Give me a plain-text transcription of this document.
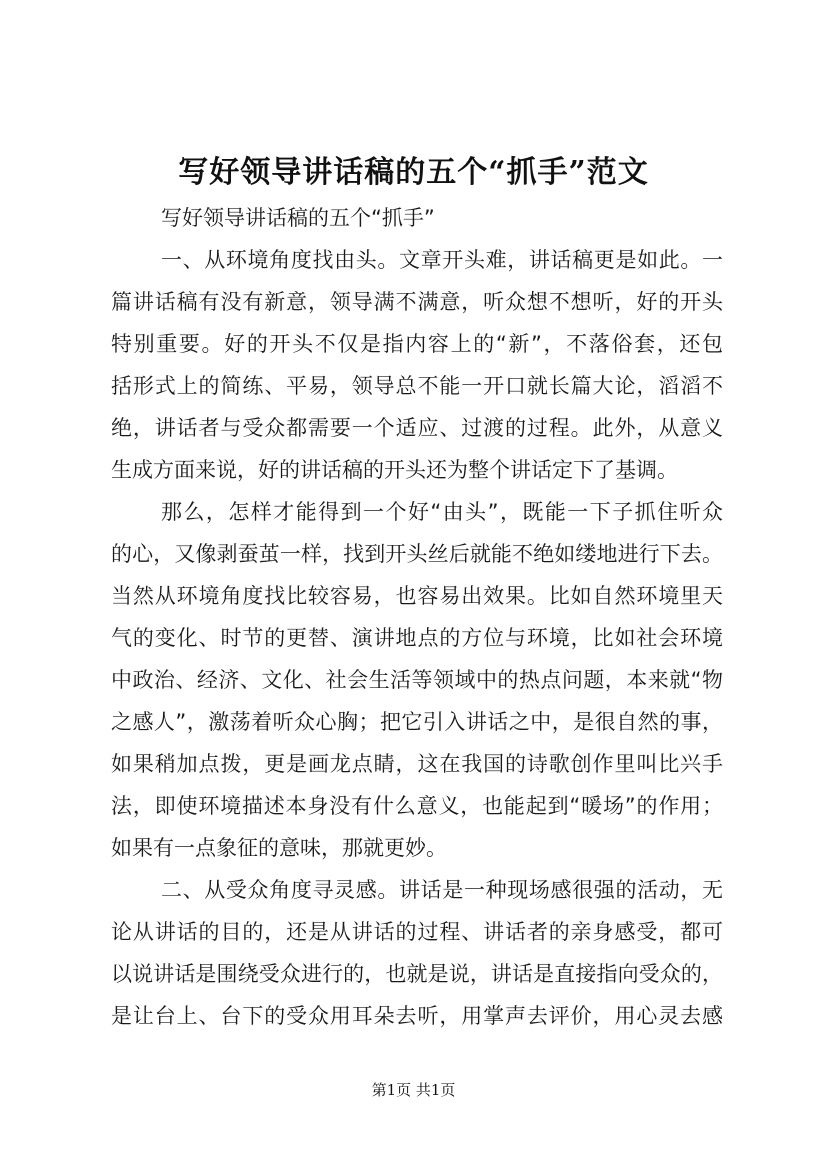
写好领导讲话稿的五个“抓手”范文
写好领导讲话稿的五个“抓手”
一、从环境角度找由头。文章开头难，讲话稿更是如此。一
篇讲话稿有没有新意，领导满不满意，听众想不想听，好的开头
特别重要。好的开头不仅是指内容上的“新”，不落俗套，还包
括形式上的简练、平易，领导总不能一开口就长篇大论，滔滔不
绝，讲话者与受众都需要一个适应、过渡的过程。此外，从意义
生成方面来说，好的讲话稿的开头还为整个讲话定下了基调。
那么，怎样才能得到一个好“由头”，既能一下子抓住听众
的心，又像剥蚕茧一样，找到开头丝后就能不绝如缕地进行下去。
当然从环境角度找比较容易，也容易出效果。比如自然环境里天
气的变化、时节的更替、演讲地点的方位与环境，比如社会环境
中政治、经济、文化、社会生活等领域中的热点问题，本来就“物
之感人”，激荡着听众心胸；把它引入讲话之中，是很自然的事，
如果稍加点拨，更是画龙点睛，这在我国的诗歌创作里叫比兴手
法，即使环境描述本身没有什么意义，也能起到“暖场”的作用；
如果有一点象征的意味，那就更妙。
二、从受众角度寻灵感。讲话是一种现场感很强的活动，无
论从讲话的目的，还是从讲话的过程、讲话者的亲身感受，都可
以说讲话是围绕受众进行的，也就是说，讲话是直接指向受众的，
是让台上、台下的受众用耳朵去听，用掌声去评价，用心灵去感
第1页 共1页
